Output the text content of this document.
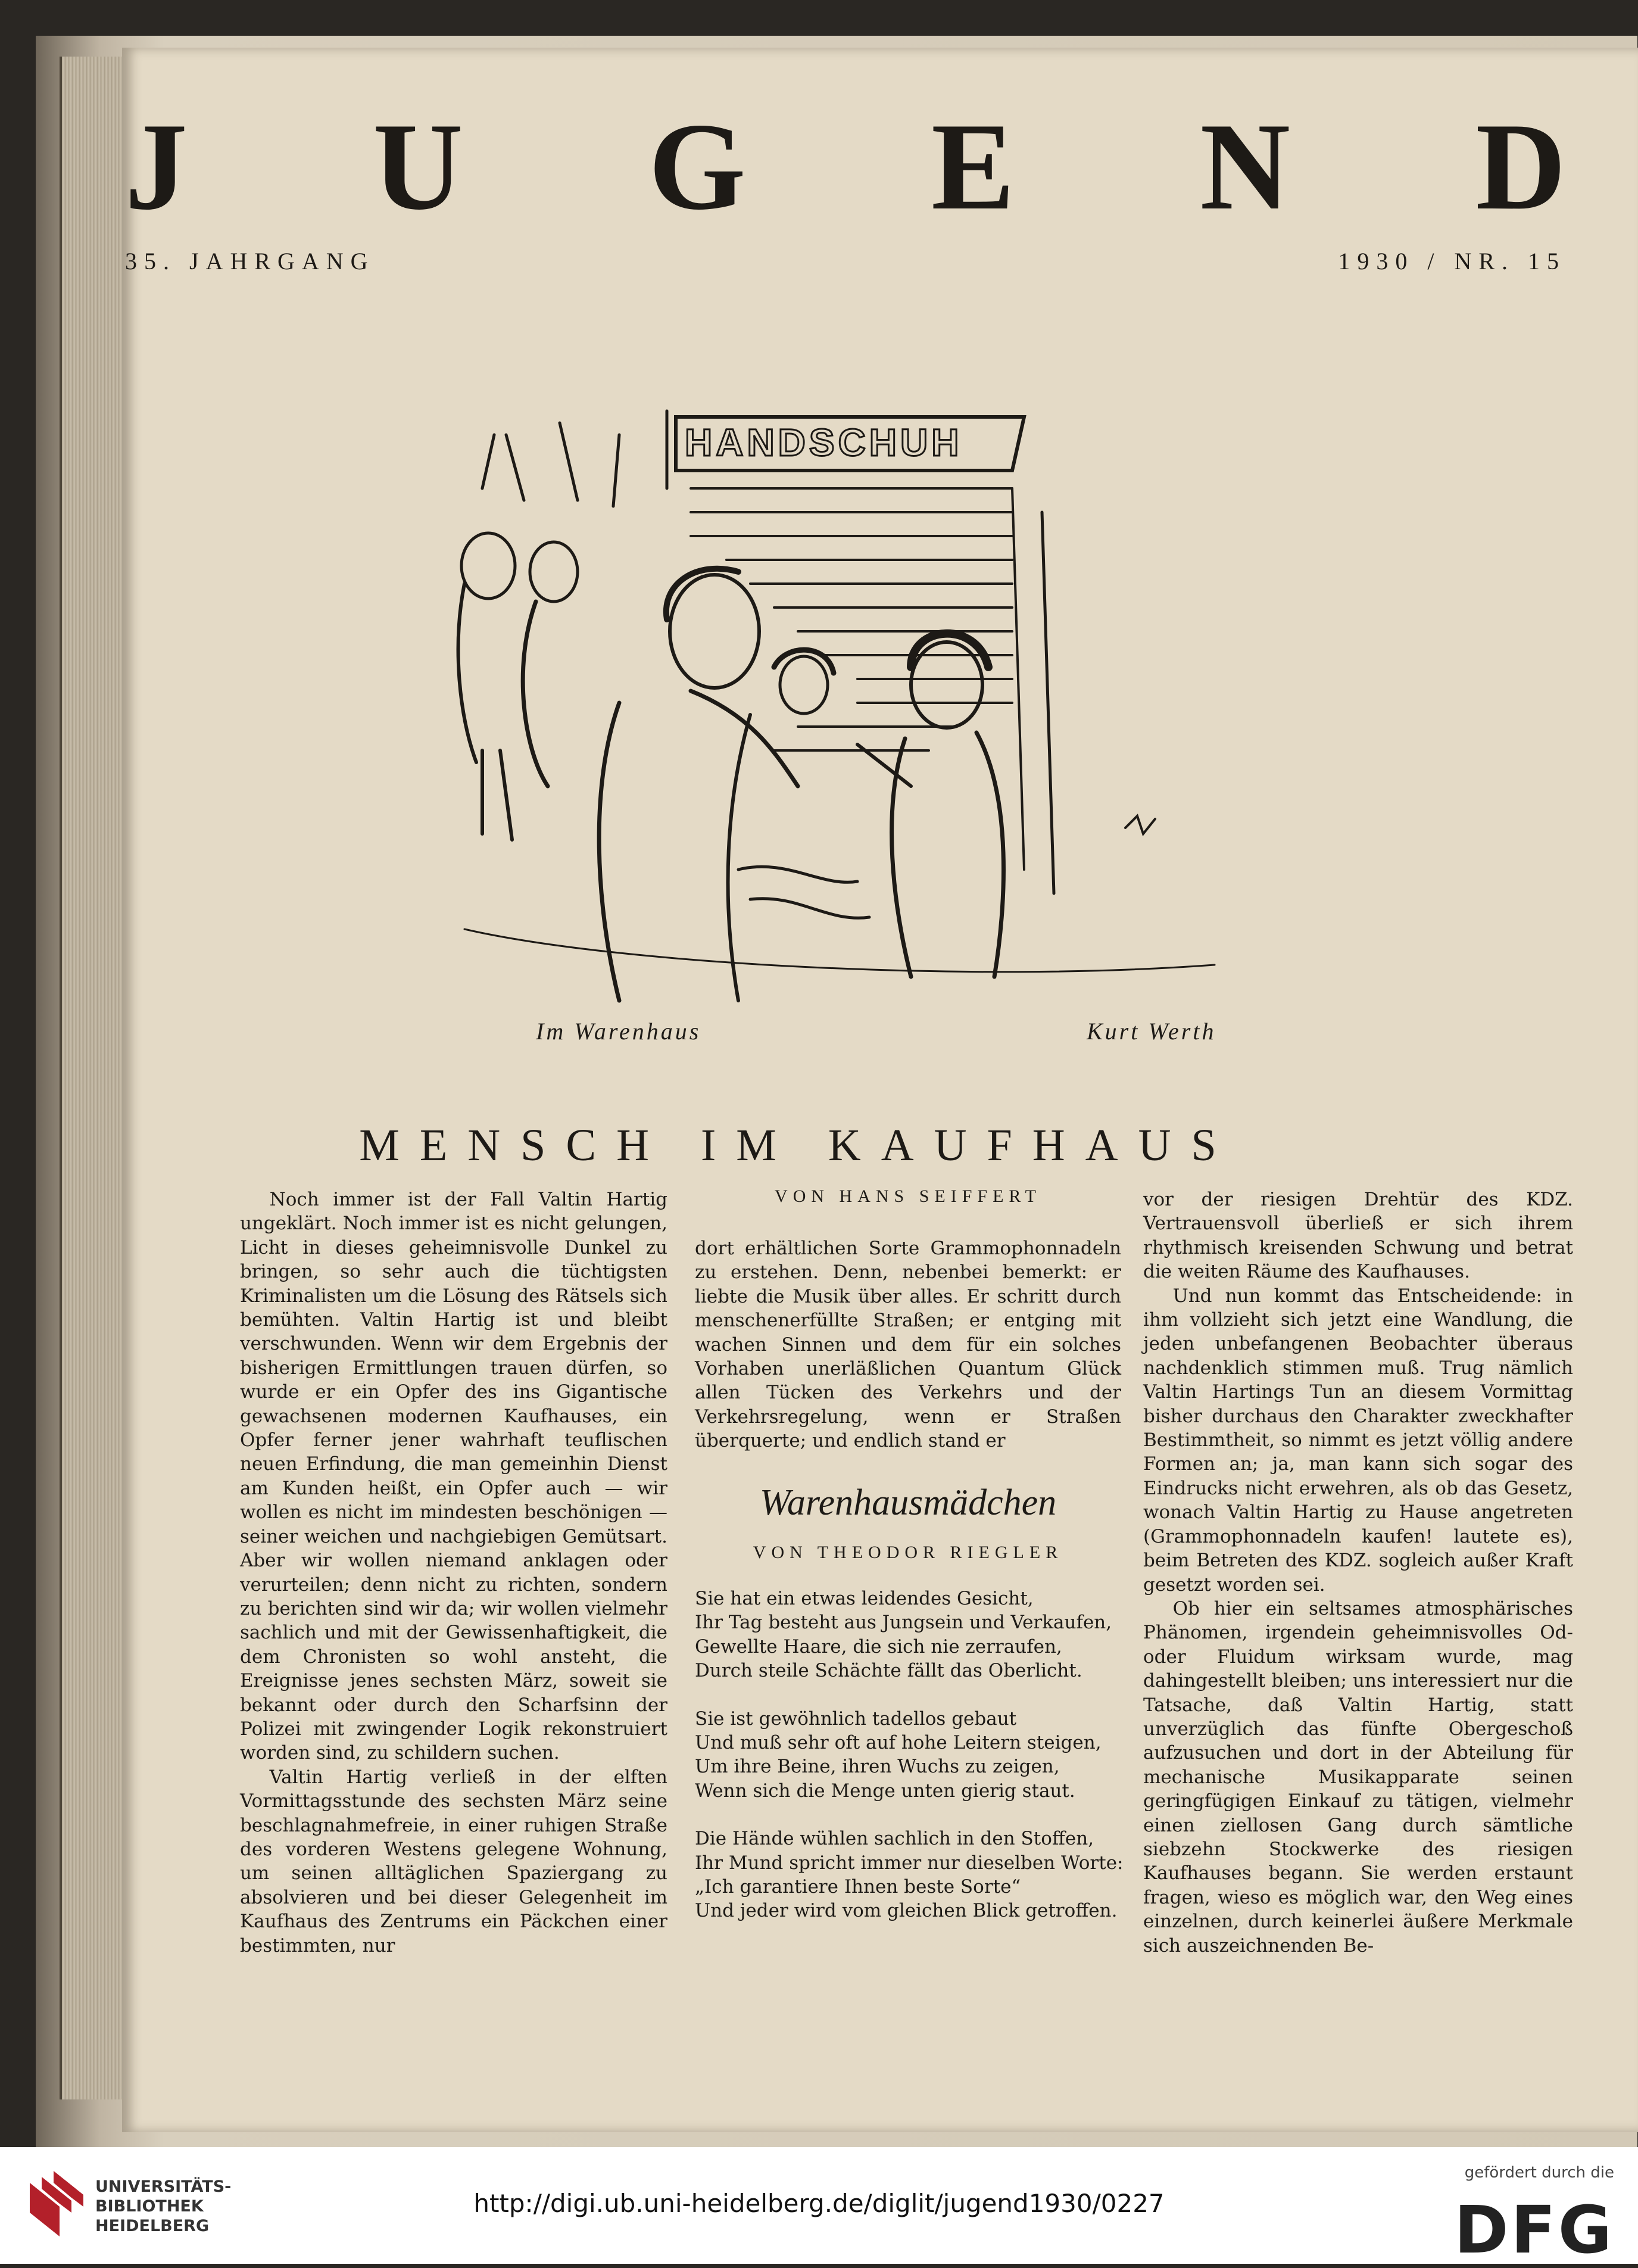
J U G E N D
35. JAHRGANG	1930 / NR. 15
HANDSCHUH
Im Warenhaus	Kurt Werth
MENSCH IM KAUFHAUS

Noch immer ist der Fall Valtin Hartig ungeklärt. Noch immer ist es nicht gelungen, Licht in dieses geheimnisvolle Dunkel zu bringen, so sehr auch die tüchtigsten Kriminalisten um die Lösung des Rätsels sich bemühten. Valtin Hartig ist und bleibt verschwunden. Wenn wir dem Ergebnis der bisherigen Ermittlungen trauen dürfen, so wurde er ein Opfer des ins Gigantische gewachsenen modernen Kaufhauses, ein Opfer ferner jener wahrhaft teuflischen neuen Erfindung, die man gemeinhin Dienst am Kunden heißt, ein Opfer auch — wir wollen es nicht im mindesten beschönigen — seiner weichen und nachgiebigen Gemütsart. Aber wir wollen niemand anklagen oder verurteilen; denn nicht zu richten, sondern zu berichten sind wir da; wir wollen vielmehr sachlich und mit der Gewissenhaftigkeit, die dem Chronisten so wohl ansteht, die Ereignisse jenes sechsten März, soweit sie bekannt oder durch den Scharfsinn der Polizei mit zwingender Logik rekonstruiert worden sind, zu schildern suchen.

Valtin Hartig verließ in der elften Vormittagsstunde des sechsten März seine beschlagnahmefreie, in einer ruhigen Straße des vorderen Westens gelegene Wohnung, um seinen alltäglichen Spaziergang zu absolvieren und bei dieser Gelegenheit im Kaufhaus des Zentrums ein Päckchen einer bestimmten, nur

VON HANS SEIFFERT

dort erhältlichen Sorte Grammophonnadeln zu erstehen. Denn, nebenbei bemerkt: er liebte die Musik über alles. Er schritt durch menschenerfüllte Straßen; er entging mit wachen Sinnen und dem für ein solches Vorhaben unerläßlichen Quantum Glück allen Tücken des Verkehrs und der Verkehrsregelung, wenn er Straßen überquerte; und endlich stand er

Warenhausmädchen
VON THEODOR RIEGLER
Sie hat ein etwas leidendes Gesicht,
Ihr Tag besteht aus Jungsein und Verkaufen,
Gewellte Haare, die sich nie zerraufen,
Durch steile Schächte fällt das Oberlicht.
Sie ist gewöhnlich tadellos gebaut
Und muß sehr oft auf hohe Leitern steigen,
Um ihre Beine, ihren Wuchs zu zeigen,
Wenn sich die Menge unten gierig staut.
Die Hände wühlen sachlich in den Stoffen,
Ihr Mund spricht immer nur dieselben Worte:
„Ich garantiere Ihnen beste Sorte“
Und jeder wird vom gleichen Blick getroffen.

vor der riesigen Drehtür des KDZ. Vertrauensvoll überließ er sich ihrem rhythmisch kreisenden Schwung und betrat die weiten Räume des Kaufhauses.

Und nun kommt das Entscheidende: in ihm vollzieht sich jetzt eine Wandlung, die jeden unbefangenen Beobachter überaus nachdenklich stimmen muß. Trug nämlich Valtin Hartings Tun an diesem Vormittag bisher durchaus den Charakter zweckhafter Bestimmtheit, so nimmt es jetzt völlig andere Formen an; ja, man kann sich sogar des Eindrucks nicht erwehren, als ob das Gesetz, wonach Valtin Hartig zu Hause angetreten (Grammophonnadeln kaufen! lautete es), beim Betreten des KDZ. sogleich außer Kraft gesetzt worden sei.

Ob hier ein seltsames atmosphärisches Phänomen, irgendein geheimnisvolles Od- oder Fluidum wirksam wurde, mag dahingestellt bleiben; uns interessiert nur die Tatsache, daß Valtin Hartig, statt unverzüglich das fünfte Obergeschoß aufzusuchen und dort in der Abteilung für mechanische Musikapparate seinen geringfügigen Einkauf zu tätigen, vielmehr einen ziellosen Gang durch sämtliche siebzehn Stockwerke des riesigen Kaufhauses begann. Sie werden erstaunt fragen, wieso es möglich war, den Weg eines einzelnen, durch keinerlei äußere Merkmale sich auszeichnenden Be-

UNIVERSITÄTS-
BIBLIOTHEK
HEIDELBERG
http://digi.ub.uni-heidelberg.de/diglit/jugend1930/0227
gefördert durch die
DFG
